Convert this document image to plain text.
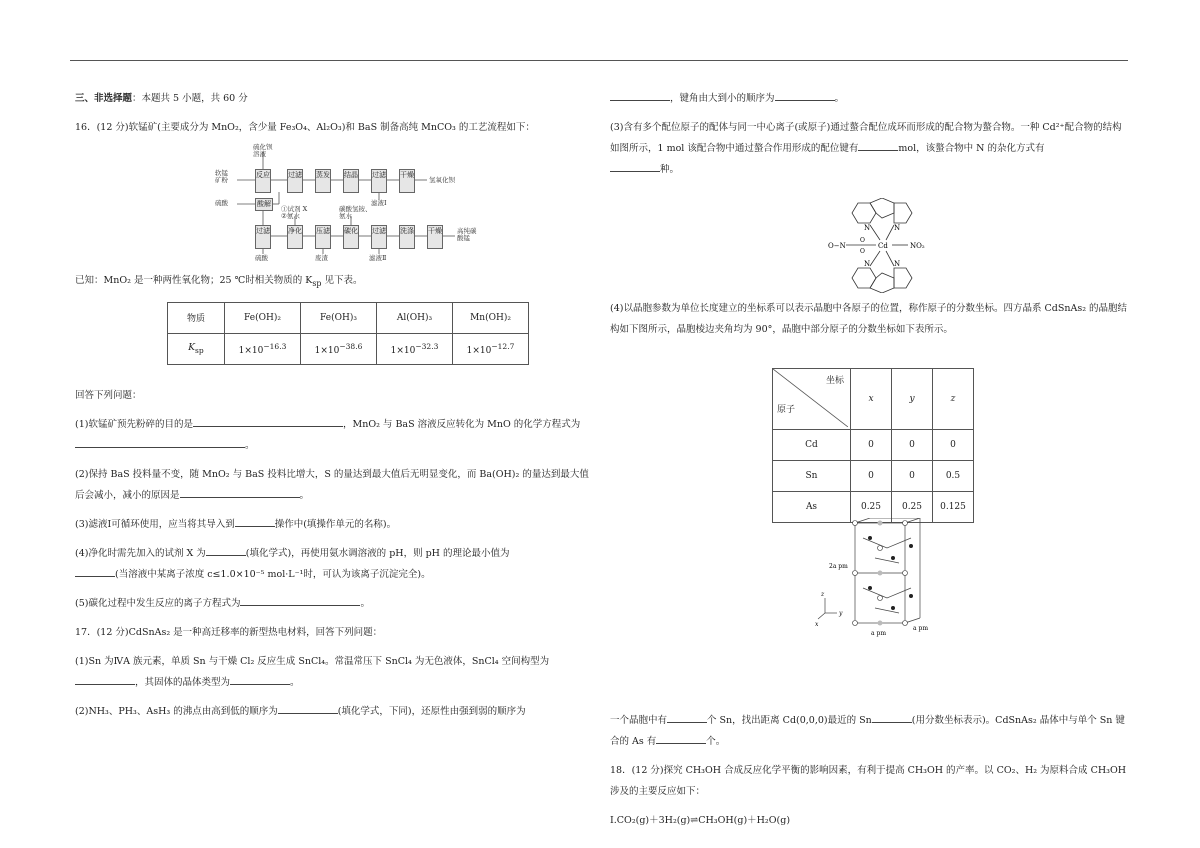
三、非选择题：本题共 5 小题，共 60 分

16．(12 分)软锰矿(主要成分为 MnO₂，含少量 Fe₃O₄、Al₂O₃)和 BaS 制备高纯 MnCO₃ 的工艺流程如下：

硫化钡
溶液
软锰
矿粉
硫酸
反应	过滤 蒸发 结晶 过滤 干燥
氢氧化钡
滤液Ⅰ
酸解
①试剂 X
②氨水
碳酸氢铵、
氨水
过滤	净化 压滤 碳化 过滤 洗涤 干燥 高纯碳
酸锰
硫酸	废渣	滤液Ⅱ

已知：MnO₂ 是一种两性氧化物；25 ℃时相关物质的 $K_{sp}$ 见下表。

物质	Fe(OH)₂	Fe(OH)₃	Al(OH)₃	Mn(OH)₂
$K_{sp}$	$1\times 10^{-16.3}$	$1\times 10^{-38.6}$	$1\times 10^{-32.3}$	$1\times 10^{-12.7}$

回答下列问题：

(1)软锰矿预先粉碎的目的是	，MnO₂ 与 BaS 溶液反应转化为 MnO 的化学方程式为
。

(2)保持 BaS 投料量不变，随 MnO₂ 与 BaS 投料比增大，S 的量达到最大值后无明显变化，而 Ba(OH)₂ 的量达到最大值后会减小，减小的原因是	。

(3)滤液Ⅰ可循环使用，应当将其导入到	操作中(填操作单元的名称)。

(4)净化时需先加入的试剂 X 为	(填化学式)，再使用氨水调溶液的 pH，则 pH 的理论最小值为
(当溶液中某离子浓度 c≤1.0×10⁻⁵ mol·L⁻¹时，可认为该离子沉淀完全)。

(5)碳化过程中发生反应的离子方程式为	。

17．(12 分)CdSnAs₂ 是一种高迁移率的新型热电材料，回答下列问题：

(1)Sn 为ⅣA 族元素，单质 Sn 与干燥 Cl₂ 反应生成 SnCl₄。常温常压下 SnCl₄ 为无色液体，SnCl₄ 空间构型为
，其固体的晶体类型为	。

(2)NH₃、PH₃、AsH₃ 的沸点由高到低的顺序为	(填化学式，下同)，还原性由强到弱的顺序为

，键角由大到小的顺序为	。

(3)含有多个配位原子的配体与同一中心离子(或原子)通过螯合配位成环而形成的配合物为螯合物。一种 Cd²⁺配合物的结构如图所示，1 mol 该配合物中通过螯合作用形成的配位键有	mol，该螯合物中 N 的杂化方式有
种。

N	N
N	N
O
O
O−N	Cd	NO₂

(4)以晶胞参数为单位长度建立的坐标系可以表示晶胞中各原子的位置，称作原子的分数坐标。四方晶系 CdSnAs₂ 的晶胞结构如下图所示，晶胞棱边夹角均为 90°，晶胞中部分原子的分数坐标如下表所示。

坐标
原子	x	y	z
Cd	0	0	0
Sn	0	0	0.5
As	0.25	0.25	0.125
z
y
x
2a pm
a pm
a pm

一个晶胞中有	个 Sn，找出距离 Cd(0,0,0)最近的 Sn	(用分数坐标表示)。CdSnAs₂ 晶体中与单个 Sn 键合的 As 有	个。

18．(12 分)探究 CH₃OH 合成反应化学平衡的影响因素，有利于提高 CH₃OH 的产率。以 CO₂、H₂ 为原料合成 CH₃OH 涉及的主要反应如下：

Ⅰ.CO₂(g)＋3H₂(g)⇌CH₃OH(g)＋H₂O(g)
